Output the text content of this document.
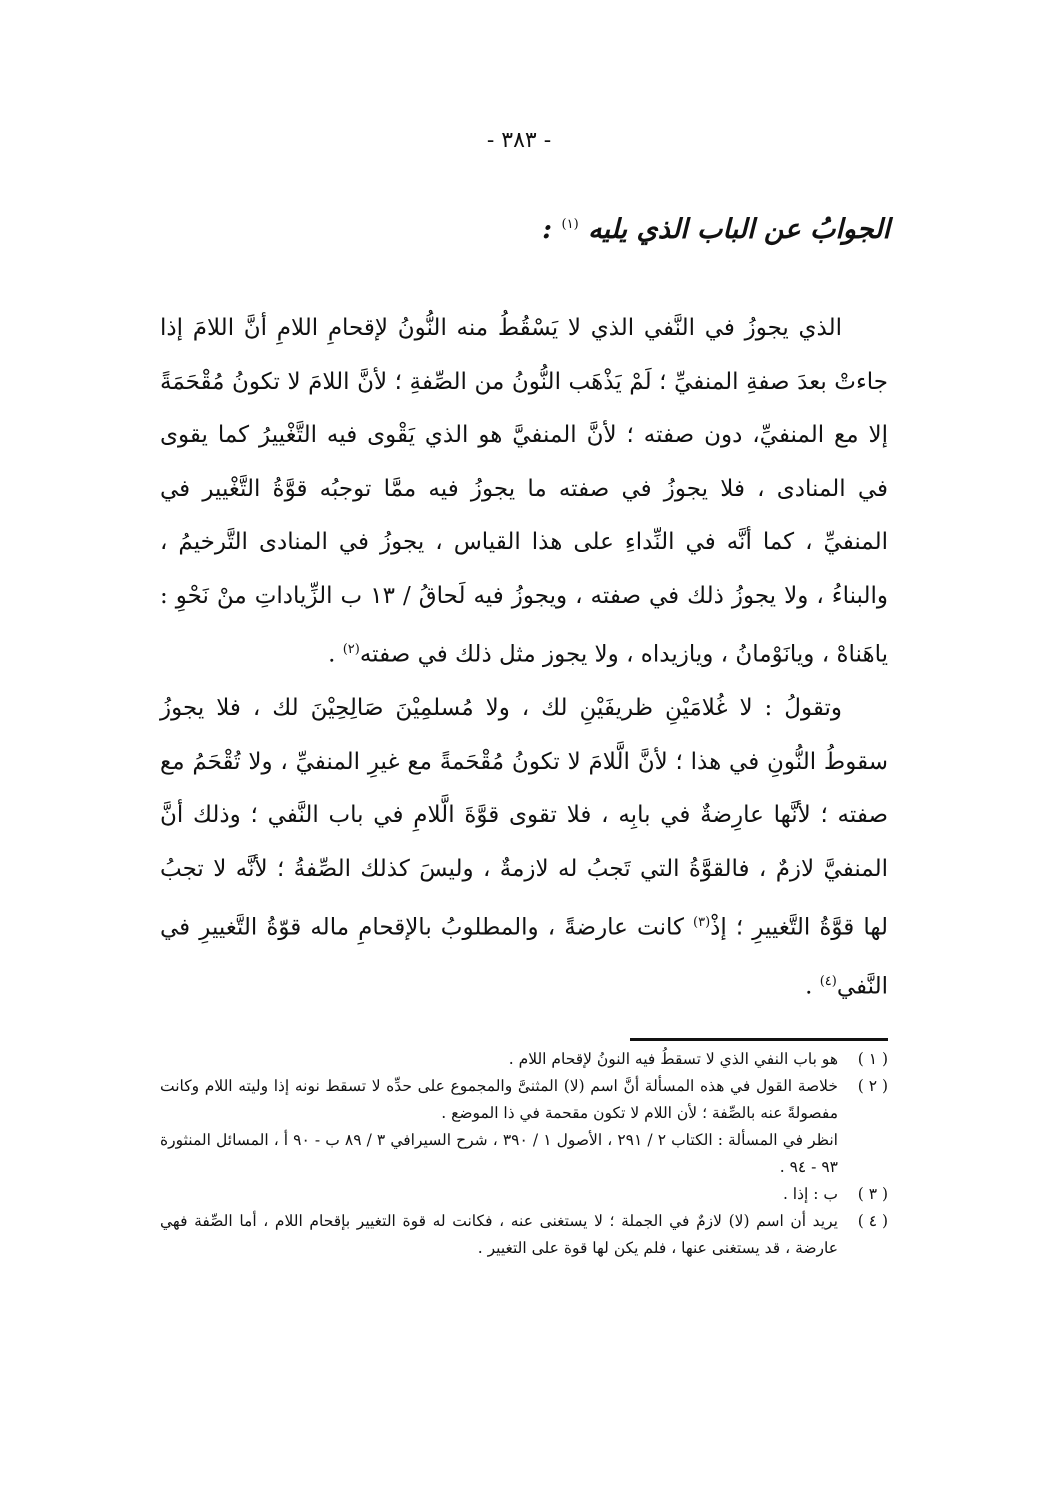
- ٣٨٣ -
الجوابُ عن الباب الذي يليه $^{(١)}$ :

الذي يجوزُ في النَّفي الذي لا يَسْقُطُ منه النُّونُ لإقحامِ اللامِ أنَّ اللامَ إذا جاءتْ بعدَ صفةِ المنفيِّ ؛ لَمْ يَذْهَب النُّونُ من الصِّفةِ ؛ لأنَّ اللامَ لا تكونُ مُقْحَمَةً إلا مع المنفيِّ، دون صفته ؛ لأنَّ المنفيَّ هو الذي يَقْوى فيه التَّغْييرُ كما يقوى في المنادى ، فلا يجوزُ في صفته ما يجوزُ فيه ممَّا توجبُه قوَّةُ التَّغْيير في المنفيِّ ، كما أنَّه في النِّداءِ على هذا القياس ، يجوزُ في المنادى التَّرخيمُ ، والبناءُ ، ولا يجوزُ ذلك في صفته ، ويجوزُ فيه لَحاقُ / ١٣ ب الزِّياداتِ منْ نَحْوِ : ياهَناهْ ، ويانَوْمانُ ، ويازيداه ، ولا يجوز مثل ذلك في صفته$^{(٢)}$ .

وتقولُ : لا غُلامَيْنِ ظريفَيْنِ لك ، ولا مُسلمِيْنَ صَالِحِيْنَ لك ، فلا يجوزُ سقوطُ النُّونِ في هذا ؛ لأنَّ الَّلامَ لا تكونُ مُقْحَمةً مع غيرِ المنفيِّ ، ولا تُقْحَمُ مع صفته ؛ لأنَّها عارِضةٌ في بابِه ، فلا تقوى قوَّةَ الَّلامِ في باب النَّفي ؛ وذلك أنَّ المنفيَّ لازمٌ ، فالقوَّةُ التي تَجبُ له لازمةٌ ، وليسَ كذلك الصِّفةُ ؛ لأنَّه لا تجبُ لها قوَّةُ التَّغييرِ ؛ إذْ$^{(٣)}$ كانت عارضةً ، والمطلوبُ بالإقحامِ ماله قوّةُ التَّغييرِ في النَّفي$^{(٤)}$ .

( ١ )
هو باب النفي الذي لا تسقطُ فيه النونُ لإقحام اللام .
( ٢ )
خلاصة القول في هذه المسألة أنَّ اسم (لا) المثنىَّ والمجموع على حدِّه لا تسقط نونه إذا وليته اللام وكانت مفصولةً عنه بالصِّفة ؛ لأن اللام لا تكون مقحمة في ذا الموضع .
انظر في المسألة : الكتاب ٢ / ٢٩١ ، الأصول ١ / ٣٩٠ ، شرح السيرافي ٣ / ٨٩ ب - ٩٠ أ ، المسائل المنثورة ٩٣ - ٩٤ .
( ٣ )
ب : إذا .
( ٤ )
يريد أن اسم (لا) لازمٌ في الجملة ؛ لا يستغنى عنه ، فكانت له قوة التغيير بإقحام اللام ، أما الصِّفة فهي عارضة ، قد يستغنى عنها ، فلم يكن لها قوة على التغيير .
